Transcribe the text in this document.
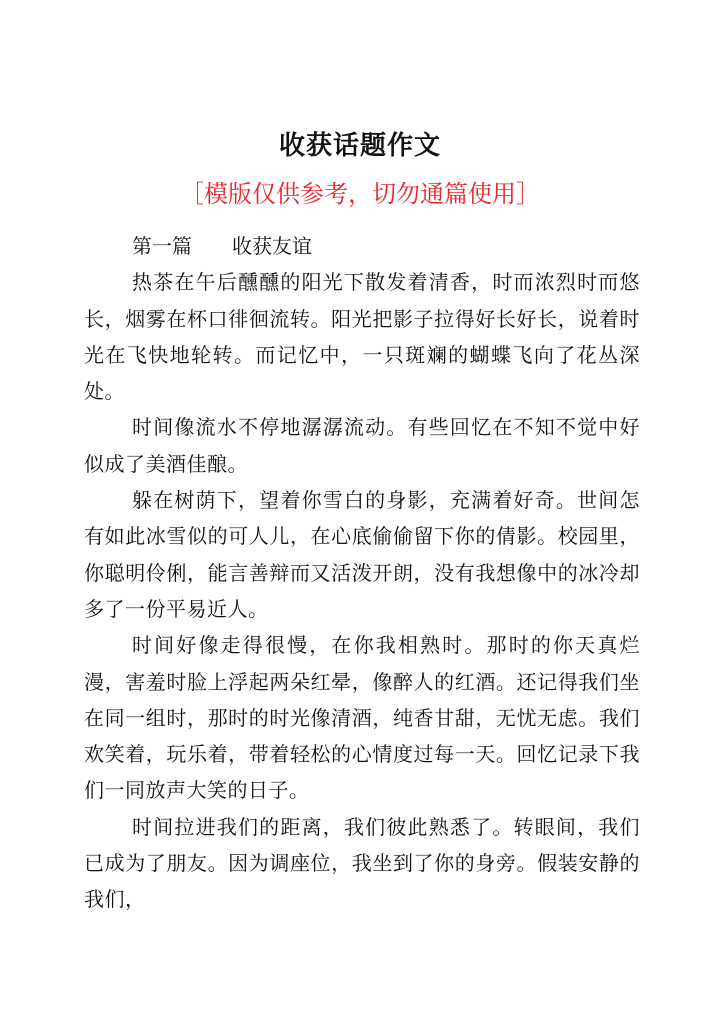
收获话题作文
［模版仅供参考，切勿通篇使用］

第一篇　　收获友谊

热茶在午后醺醺的阳光下散发着清香，时而浓烈时而悠长，烟雾在杯口徘徊流转。阳光把影子拉得好长好长，说着时光在飞快地轮转。而记忆中，一只斑斓的蝴蝶飞向了花丛深处。

时间像流水不停地潺潺流动。有些回忆在不知不觉中好似成了美酒佳酿。

躲在树荫下，望着你雪白的身影，充满着好奇。世间怎有如此冰雪似的可人儿，在心底偷偷留下你的倩影。校园里，你聪明伶俐，能言善辩而又活泼开朗，没有我想像中的冰冷却多了一份平易近人。

时间好像走得很慢，在你我相熟时。那时的你天真烂漫，害羞时脸上浮起两朵红晕，像醉人的红酒。还记得我们坐在同一组时，那时的时光像清酒，纯香甘甜，无忧无虑。我们欢笑着，玩乐着，带着轻松的心情度过每一天。回忆记录下我们一同放声大笑的日子。

时间拉进我们的距离，我们彼此熟悉了。转眼间，我们已成为了朋友。因为调座位，我坐到了你的身旁。假装安静的我们，
